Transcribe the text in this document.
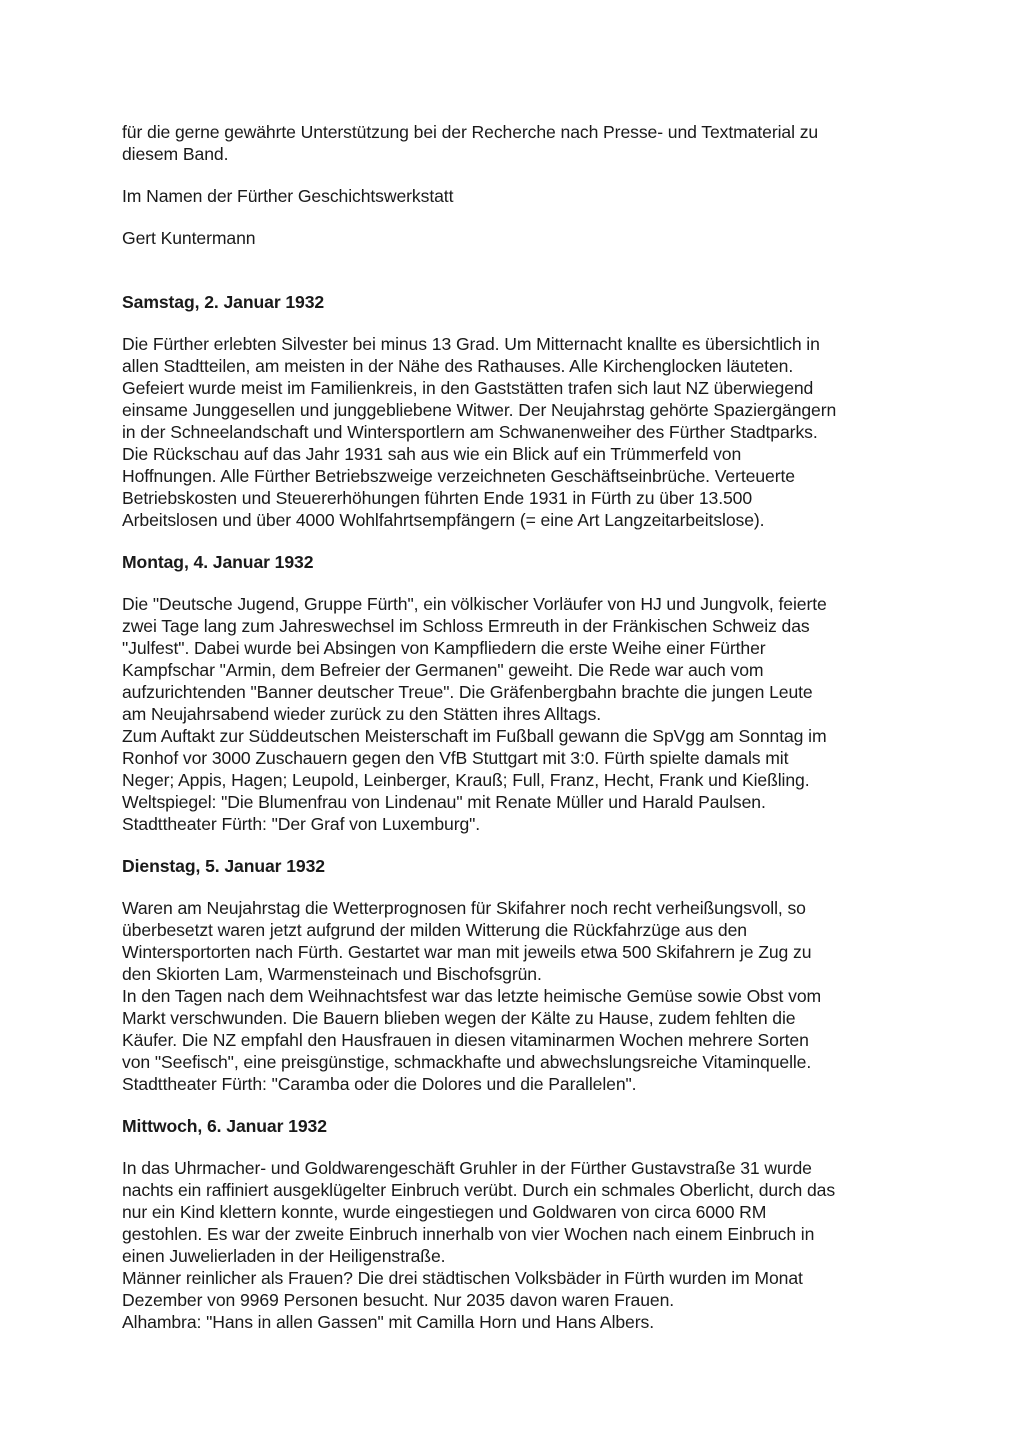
für die gerne gewährte Unterstützung bei der Recherche nach Presse- und Textmaterial zu
diesem Band.
Im Namen der Fürther Geschichtswerkstatt
Gert Kuntermann
Samstag, 2. Januar 1932
Die Fürther erlebten Silvester bei minus 13 Grad. Um Mitternacht knallte es übersichtlich in
allen Stadtteilen, am meisten in der Nähe des Rathauses. Alle Kirchenglocken läuteten.
Gefeiert wurde meist im Familienkreis, in den Gaststätten trafen sich laut NZ überwiegend
einsame Junggesellen und junggebliebene Witwer. Der Neujahrstag gehörte Spaziergängern
in der Schneelandschaft und Wintersportlern am Schwanenweiher des Fürther Stadtparks.
Die Rückschau auf das Jahr 1931 sah aus wie ein Blick auf ein Trümmerfeld von
Hoffnungen. Alle Fürther Betriebszweige verzeichneten Geschäftseinbrüche. Verteuerte
Betriebskosten und Steuererhöhungen führten Ende 1931 in Fürth zu über 13.500
Arbeitslosen und über 4000 Wohlfahrtsempfängern (= eine Art Langzeitarbeitslose).
Montag, 4. Januar 1932
Die "Deutsche Jugend, Gruppe Fürth", ein völkischer Vorläufer von HJ und Jungvolk, feierte
zwei Tage lang zum Jahreswechsel im Schloss Ermreuth in der Fränkischen Schweiz das
"Julfest". Dabei wurde bei Absingen von Kampfliedern die erste Weihe einer Fürther
Kampfschar "Armin, dem Befreier der Germanen" geweiht. Die Rede war auch vom
aufzurichtenden "Banner deutscher Treue". Die Gräfenbergbahn brachte die jungen Leute
am Neujahrsabend wieder zurück zu den Stätten ihres Alltags.
Zum Auftakt zur Süddeutschen Meisterschaft im Fußball gewann die SpVgg am Sonntag im
Ronhof vor 3000 Zuschauern gegen den VfB Stuttgart mit 3:0. Fürth spielte damals mit
Neger; Appis, Hagen; Leupold, Leinberger, Krauß; Full, Franz, Hecht, Frank und Kießling.
Weltspiegel: "Die Blumenfrau von Lindenau" mit Renate Müller und Harald Paulsen.
Stadttheater Fürth: "Der Graf von Luxemburg".
Dienstag, 5. Januar 1932
Waren am Neujahrstag die Wetterprognosen für Skifahrer noch recht verheißungsvoll, so
überbesetzt waren jetzt aufgrund der milden Witterung die Rückfahrzüge aus den
Wintersportorten nach Fürth. Gestartet war man mit jeweils etwa 500 Skifahrern je Zug zu
den Skiorten Lam, Warmensteinach und Bischofsgrün.
In den Tagen nach dem Weihnachtsfest war das letzte heimische Gemüse sowie Obst vom
Markt verschwunden. Die Bauern blieben wegen der Kälte zu Hause, zudem fehlten die
Käufer. Die NZ empfahl den Hausfrauen in diesen vitaminarmen Wochen mehrere Sorten
von "Seefisch", eine preisgünstige, schmackhafte und abwechslungsreiche Vitaminquelle.
Stadttheater Fürth: "Caramba oder die Dolores und die Parallelen".
Mittwoch, 6. Januar 1932
In das Uhrmacher- und Goldwarengeschäft Gruhler in der Fürther Gustavstraße 31 wurde
nachts ein raffiniert ausgeklügelter Einbruch verübt. Durch ein schmales Oberlicht, durch das
nur ein Kind klettern konnte, wurde eingestiegen und Goldwaren von circa 6000 RM
gestohlen. Es war der zweite Einbruch innerhalb von vier Wochen nach einem Einbruch in
einen Juwelierladen in der Heiligenstraße.
Männer reinlicher als Frauen? Die drei städtischen Volksbäder in Fürth wurden im Monat
Dezember von 9969 Personen besucht. Nur 2035 davon waren Frauen.
Alhambra: "Hans in allen Gassen" mit Camilla Horn und Hans Albers.
